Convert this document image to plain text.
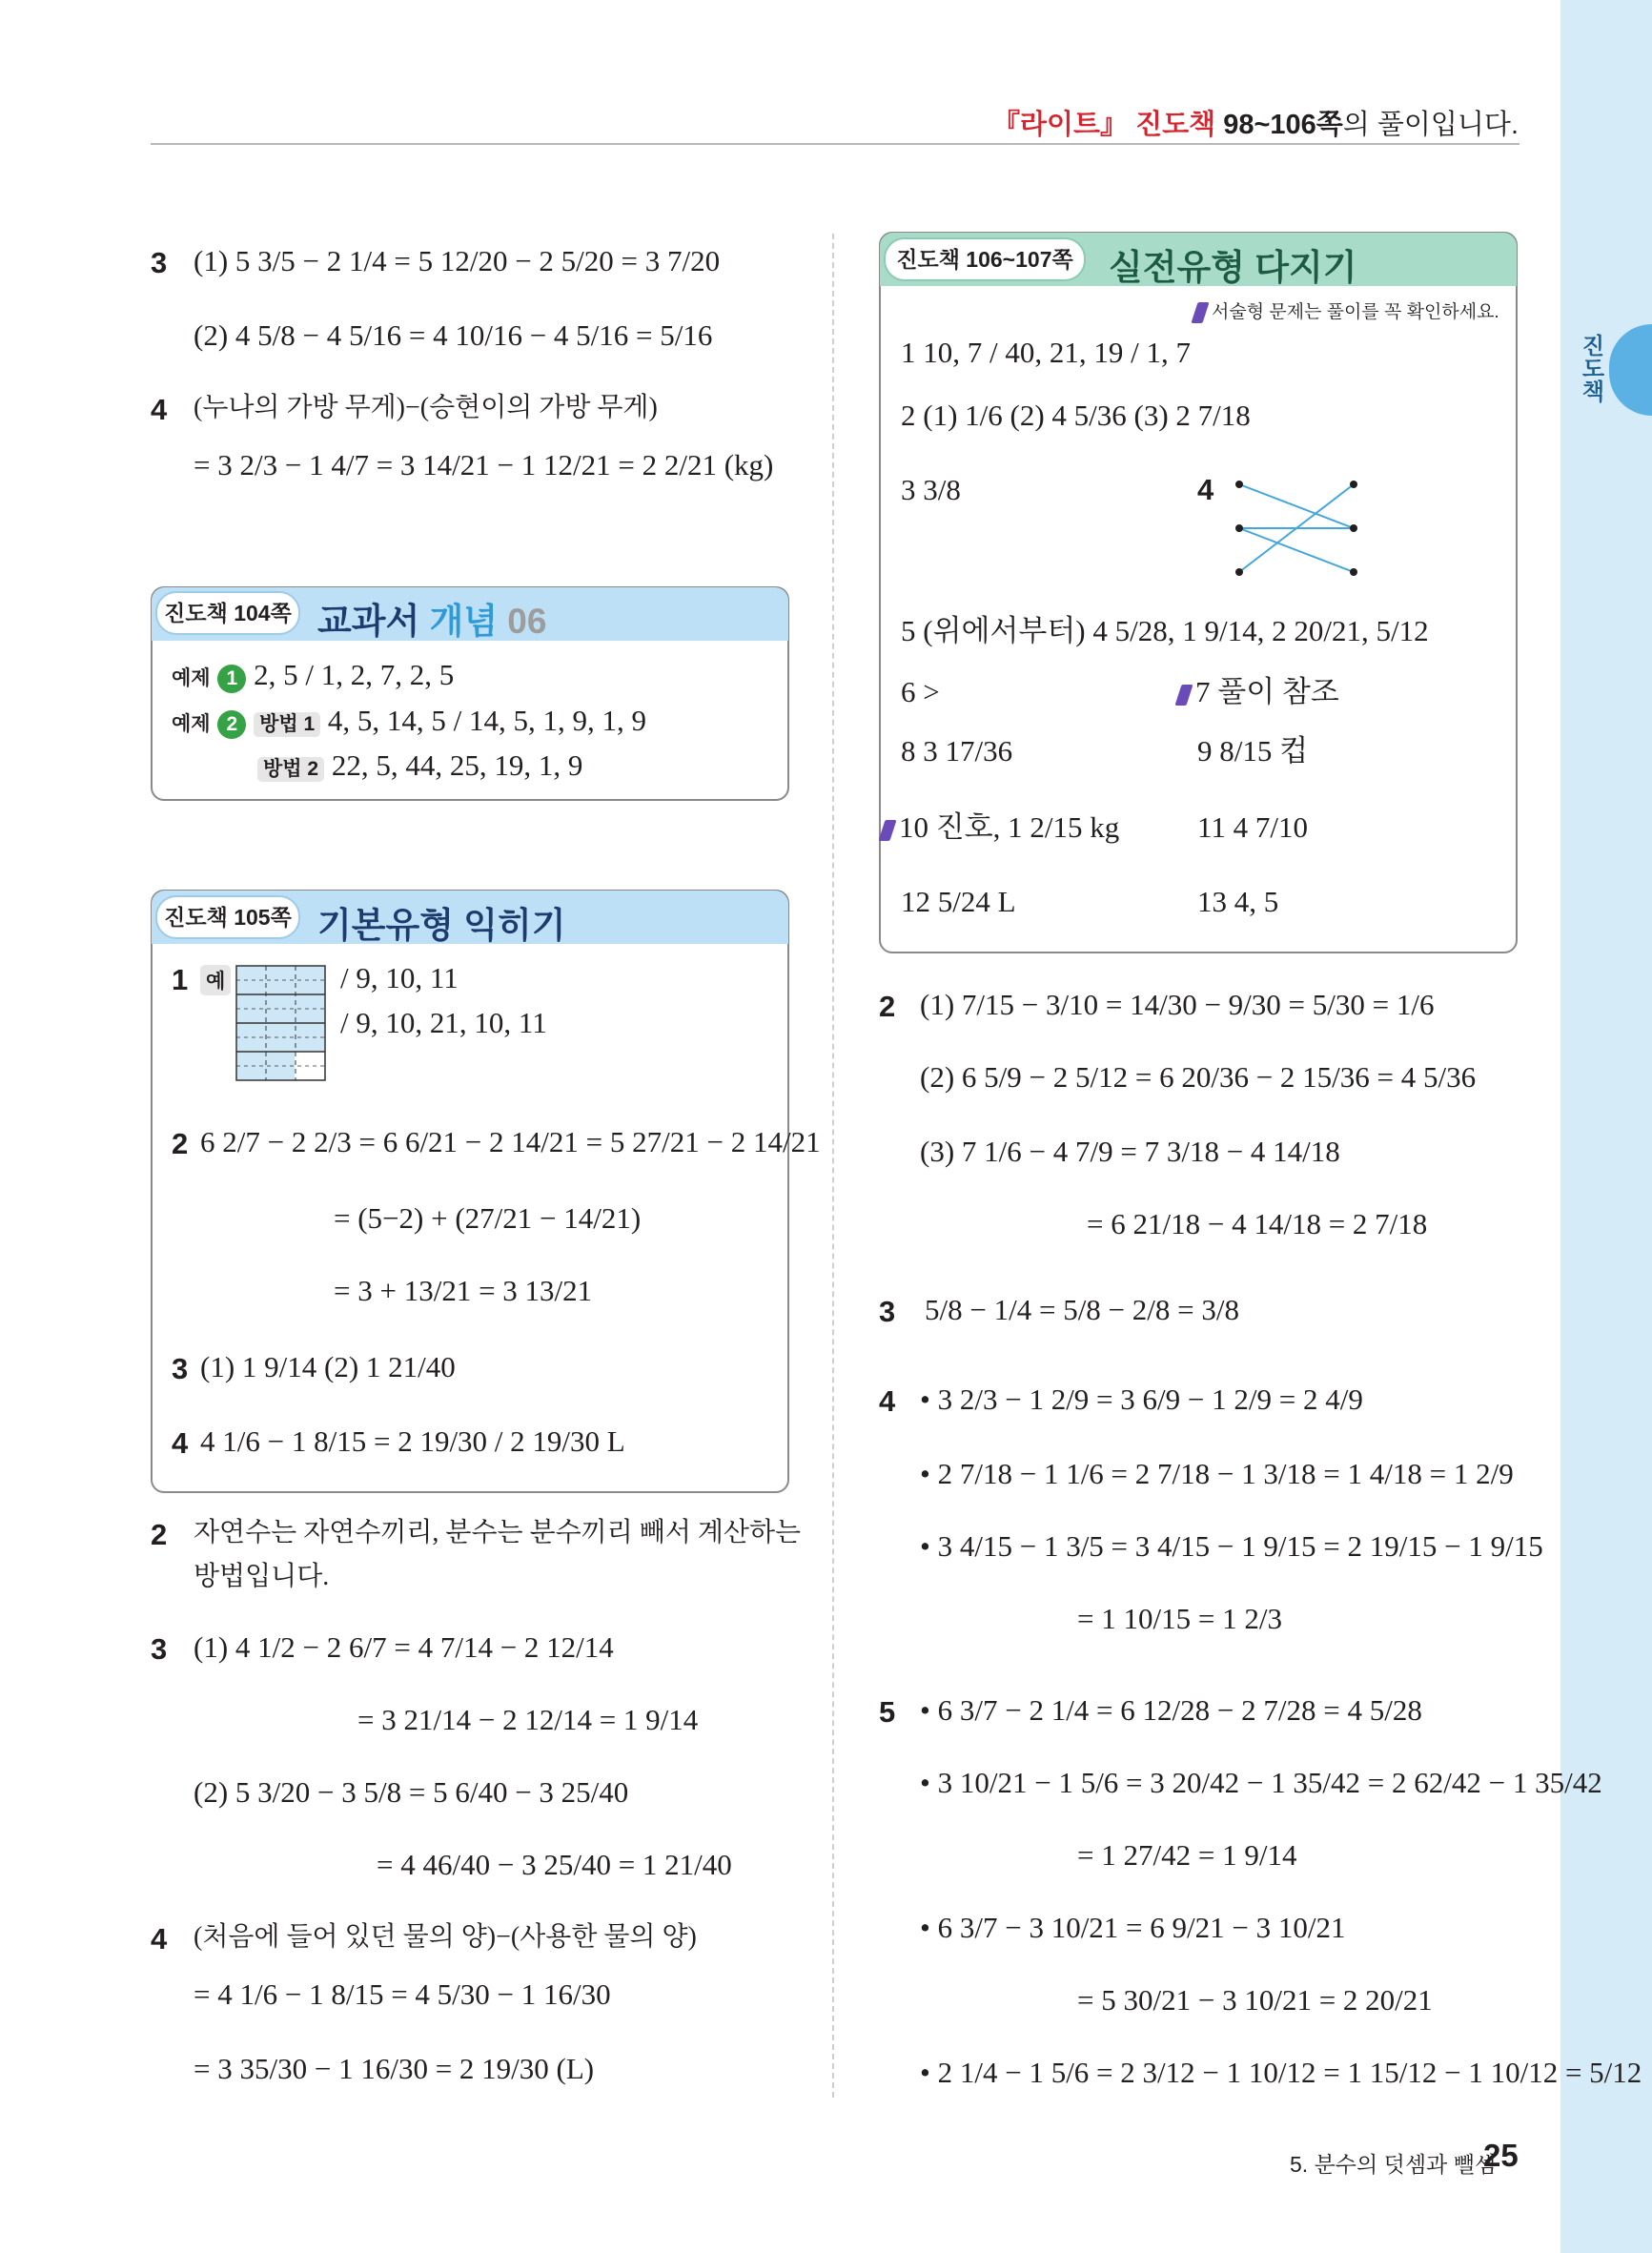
진도책
『라이트』 진도책 98~106쪽의 풀이입니다.
3 (1) 5 3/5 − 2 1/4 = 5 12/20 − 2 5/20 = 3 7/20
(2) 4 5/8 − 4 5/16 = 4 10/16 − 4 5/16 = 5/16
4 (누나의 가방 무게)−(승현이의 가방 무게)
= 3 2/3 − 1 4/7 = 3 14/21 − 1 12/21 = 2 2/21 (kg)
진도책 104쪽 교과서 개념 06
예제 1 2, 5 / 1, 2, 7, 2, 5
예제 2 방법 1 4, 5, 14, 5 / 14, 5, 1, 9, 1, 9
방법 2 22, 5, 44, 25, 19, 1, 9
진도책 105쪽 기본유형 익히기
1 예	/ 9, 10, 11
/ 9, 10, 21, 10, 11
2 6 2/7 − 2 2/3 = 6 6/21 − 2 14/21 = 5 27/21 − 2 14/21
= (5−2) + (27/21 − 14/21)
= 3 + 13/21 = 3 13/21
3 (1) 1 9/14 (2) 1 21/40
4 4 1/6 − 1 8/15 = 2 19/30 / 2 19/30 L
2 자연수는 자연수끼리, 분수는 분수끼리 빼서 계산하는
방법입니다.
3 (1) 4 1/2 − 2 6/7 = 4 7/14 − 2 12/14
= 3 21/14 − 2 12/14 = 1 9/14
(2) 5 3/20 − 3 5/8 = 5 6/40 − 3 25/40
= 4 46/40 − 3 25/40 = 1 21/40
4 (처음에 들어 있던 물의 양)−(사용한 물의 양)
= 4 1/6 − 1 8/15 = 4 5/30 − 1 16/30
= 3 35/30 − 1 16/30 = 2 19/30 (L)
진도책 106~107쪽	실전유형 다지기
서술형 문제는 풀이를 꼭 확인하세요.
1 10, 7 / 40, 21, 19 / 1, 7
2 (1) 1/6 (2) 4 5/36 (3) 2 7/18
3 3/8	4
5 (위에서부터) 4 5/28, 1 9/14, 2 20/21, 5/12
6 >	7 풀이 참조
8 3 17/36	9 8/15 컵
10 진호, 1 2/15 kg	11 4 7/10
12 5/24 L	13 4, 5
2 (1) 7/15 − 3/10 = 14/30 − 9/30 = 5/30 = 1/6
(2) 6 5/9 − 2 5/12 = 6 20/36 − 2 15/36 = 4 5/36
(3) 7 1/6 − 4 7/9 = 7 3/18 − 4 14/18
= 6 21/18 − 4 14/18 = 2 7/18
3 5/8 − 1/4 = 5/8 − 2/8 = 3/8
4 • 3 2/3 − 1 2/9 = 3 6/9 − 1 2/9 = 2 4/9
• 2 7/18 − 1 1/6 = 2 7/18 − 1 3/18 = 1 4/18 = 1 2/9
• 3 4/15 − 1 3/5 = 3 4/15 − 1 9/15 = 2 19/15 − 1 9/15
= 1 10/15 = 1 2/3
5 • 6 3/7 − 2 1/4 = 6 12/28 − 2 7/28 = 4 5/28
• 3 10/21 − 1 5/6 = 3 20/42 − 1 35/42 = 2 62/42 − 1 35/42
= 1 27/42 = 1 9/14
• 6 3/7 − 3 10/21 = 6 9/21 − 3 10/21
= 5 30/21 − 3 10/21 = 2 20/21
• 2 1/4 − 1 5/6 = 2 3/12 − 1 10/12 = 1 15/12 − 1 10/12 = 5/12
5. 분수의 덧셈과 뺄셈
25
